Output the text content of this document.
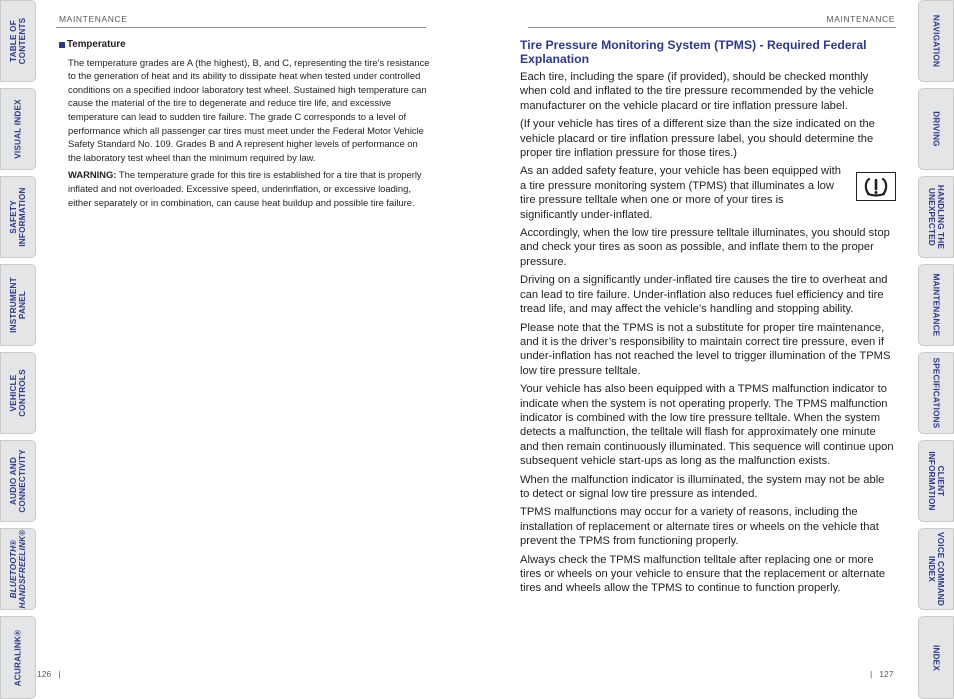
TABLE OF
CONTENTS
VISUAL INDEX
SAFETY
INFORMATION
INSTRUMENT
PANEL
VEHICLE
CONTROLS
AUDIO AND
CONNECTIVITY
BLUETOOTH®
HANDSFREELINK®
ACURALINK®
NAVIGATION
DRIVING
HANDLING THE
UNEXPECTED
MAINTENANCE
SPECIFICATIONS
CLIENT
INFORMATION
VOICE COMMAND
INDEX
INDEX
MAINTENANCE	MAINTENANCE
Temperature

The temperature grades are A (the highest), B, and C, representing the tire’s resistance to the generation of heat and its ability to dissipate heat when tested under controlled conditions on a specified indoor laboratory test wheel. Sustained high temperature can cause the material of the tire to degenerate and reduce tire life, and excessive temperature can lead to sudden tire failure. The grade C corresponds to a level of performance which all passenger car tires must meet under the Federal Motor Vehicle Safety Standard No. 109. Grades B and A represent higher levels of performance on the laboratory test wheel than the minimum required by law.

WARNING: The temperature grade for this tire is established for a tire that is properly inflated and not overloaded. Excessive speed, underinflation, or excessive loading, either separately or in combination, can cause heat buildup and possible tire failure.

Tire Pressure Monitoring System (TPMS) - Required Federal Explanation

Each tire, including the spare (if provided), should be checked monthly when cold and inflated to the tire pressure recommended by the vehicle manufacturer on the vehicle placard or tire inflation pressure label.

(If your vehicle has tires of a different size than the size indicated on the vehicle placard or tire inflation pressure label, you should determine the proper tire inflation pressure for those tires.)

As an added safety feature, your vehicle has been equipped with a tire pressure monitoring system (TPMS) that illuminates a low tire pressure telltale when one or more of your tires is significantly under-inflated.

Accordingly, when the low tire pressure telltale illuminates, you should stop and check your tires as soon as possible, and inflate them to the proper pressure.

Driving on a significantly under-inflated tire causes the tire to overheat and can lead to tire failure. Under-inflation also reduces fuel efficiency and tire tread life, and may affect the vehicle’s handling and stopping ability.

Please note that the TPMS is not a substitute for proper tire maintenance, and it is the driver’s responsibility to maintain correct tire pressure, even if under-inflation has not reached the level to trigger illumination of the TPMS low tire pressure telltale.

Your vehicle has also been equipped with a TPMS malfunction indicator to indicate when the system is not operating properly. The TPMS malfunction indicator is combined with the low tire pressure telltale. When the system detects a malfunction, the telltale will flash for approximately one minute and then remain continuously illuminated. This sequence will continue upon subsequent vehicle start-ups as long as the malfunction exists.

When the malfunction indicator is illuminated, the system may not be able to detect or signal low tire pressure as intended.

TPMS malfunctions may occur for a variety of reasons, including the installation of replacement or alternate tires or wheels on the vehicle that prevent the TPMS from functioning properly.

Always check the TPMS malfunction telltale after replacing one or more tires or wheels on your vehicle to ensure that the replacement or alternate tires and wheels allow the TPMS to continue to function properly.

126   |	|   127
